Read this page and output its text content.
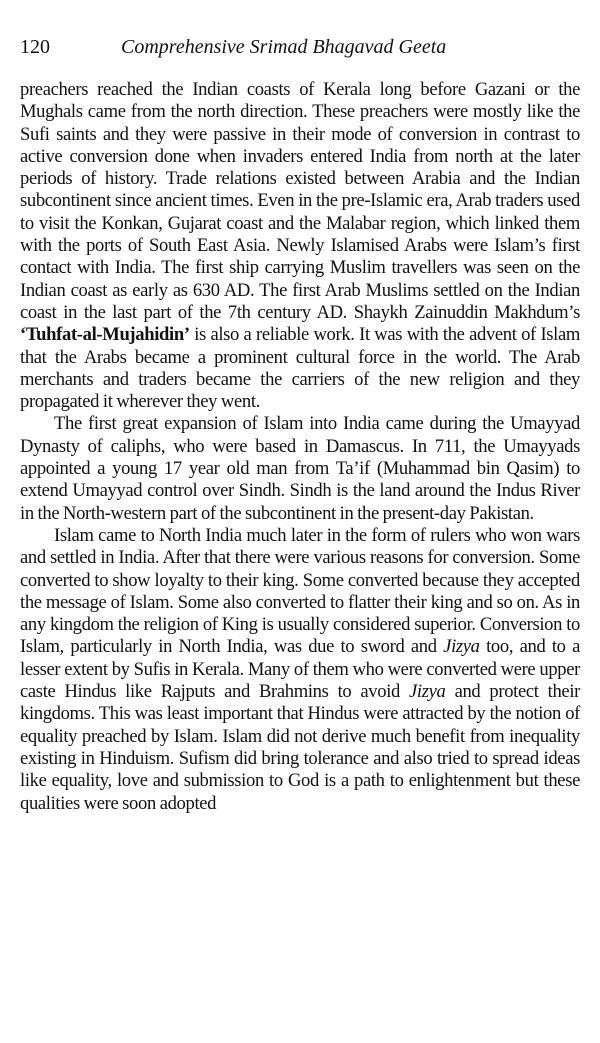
120	Comprehensive Srimad Bhagavad Geeta

preachers reached the Indian coasts of Kerala long before Gazani or the Mughals came from the north direction. These preachers were mostly like the Sufi saints and they were passive in their mode of conversion in contrast to active conversion done when invaders entered India from north at the later periods of history. Trade relations existed between Arabia and the Indian subcontinent since ancient times. Even in the pre-Islamic era, Arab traders used to visit the Konkan, Gujarat coast and the Malabar region, which linked them with the ports of South East Asia. Newly Islamised Arabs were Islam’s first contact with India. The first ship carrying Muslim travellers was seen on the Indian coast as early as 630 AD. The first Arab Muslims settled on the Indian coast in the last part of the 7th century AD. Shaykh Zainuddin Makhdum’s ‘Tuhfat-al-Mujahidin’ is also a reliable work. It was with the advent of Islam that the Arabs became a prominent cultural force in the world. The Arab merchants and traders became the carriers of the new religion and they propagated it wherever they went.

The first great expansion of Islam into India came during the Umayyad Dynasty of caliphs, who were based in Damascus. In 711, the Umayyads appointed a young 17 year old man from Ta’if (Muhammad bin Qasim) to extend Umayyad control over Sindh. Sindh is the land around the Indus River in the North-western part of the subcontinent in the present-day Pakistan.

Islam came to North India much later in the form of rulers who won wars and settled in India. After that there were various reasons for conversion. Some converted to show loyalty to their king. Some converted because they accepted the message of Islam. Some also converted to flatter their king and so on. As in any kingdom the religion of King is usually considered superior. Conversion to Islam, particularly in North India, was due to sword and Jizya too, and to a lesser extent by Sufis in Kerala. Many of them who were converted were upper caste Hindus like Rajputs and Brahmins to avoid Jizya and protect their kingdoms. This was least important that Hindus were attracted by the notion of equality preached by Islam. Islam did not derive much benefit from inequality existing in Hinduism. Sufism did bring tolerance and also tried to spread ideas like equality, love and submission to God is a path to enlightenment but these qualities were soon adopted
